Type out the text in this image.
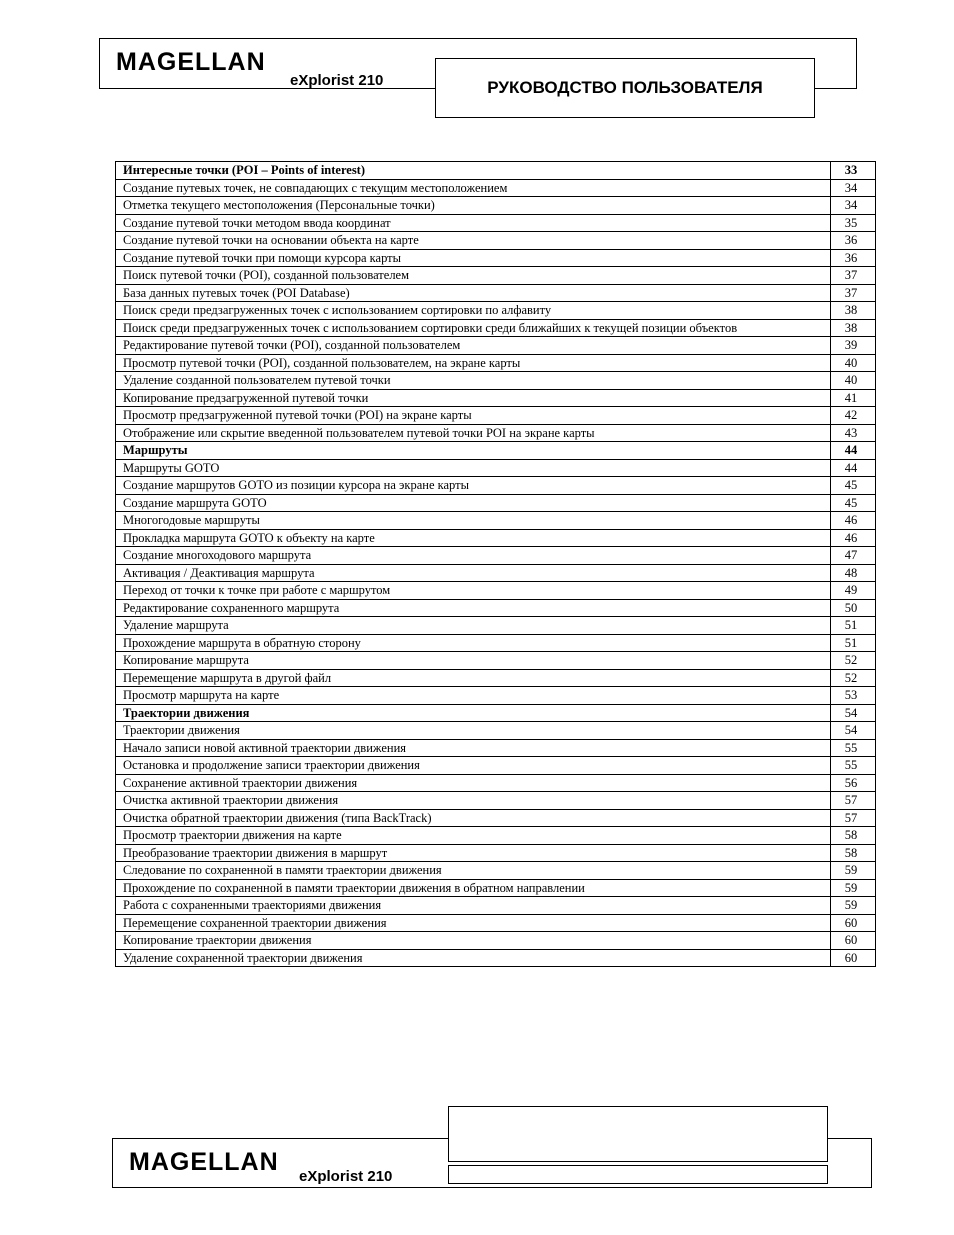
MAGELLAN
eXplorist 210	РУКОВОДСТВО ПОЛЬЗОВАТЕЛЯ
Интересные точки (POI – Points of interest)	33
Создание путевых точек, не совпадающих с текущим местоположением	34
Отметка текущего местоположения (Персональные точки)	34
Создание путевой точки методом ввода координат	35
Создание путевой точки на основании объекта на карте	36
Создание путевой точки при помощи курсора карты	36
Поиск путевой точки (POI), созданной пользователем	37
База данных путевых точек (POI Database)	37
Поиск среди предзагруженных точек с использованием сортировки по алфавиту	38
Поиск среди предзагруженных точек с использованием сортировки среди ближайших к текущей позиции объектов	38
Редактирование путевой точки (POI), созданной пользователем	39
Просмотр путевой точки (POI), созданной пользователем, на экране карты	40
Удаление созданной пользователем путевой точки	40
Копирование предзагруженной путевой точки	41
Просмотр предзагруженной путевой точки (POI) на экране карты	42
Отображение или скрытие введенной пользователем путевой точки POI на экране карты	43
Маршруты	44
Маршруты GOTO	44
Создание маршрутов GOTO из позиции курсора на экране карты	45
Создание маршрута GOTO	45
Многогодовые маршруты	46
Прокладка маршрута GOTO к объекту на карте	46
Создание многоходового маршрута	47
Активация / Деактивация маршрута	48
Переход от точки к точке при работе с маршрутом	49
Редактирование сохраненного маршрута	50
Удаление маршрута	51
Прохождение маршрута в обратную сторону	51
Копирование маршрута	52
Перемещение маршрута в другой файл	52
Просмотр маршрута на карте	53
Траектории движения	54
Траектории движения	54
Начало записи новой активной траектории движения	55
Остановка и продолжение записи траектории движения	55
Сохранение активной траектории движения	56
Очистка активной траектории движения	57
Очистка обратной траектории движения (типа BackTrack)	57
Просмотр траектории движения на карте	58
Преобразование траектории движения в маршрут	58
Следование по сохраненной в памяти траектории движения	59
Прохождение по сохраненной в памяти траектории движения в обратном направлении	59
Работа с сохраненными траекториями движения	59
Перемещение сохраненной траектории движения	60
Копирование траектории движения	60
Удаление сохраненной траектории движения	60
MAGELLAN
eXplorist 210
